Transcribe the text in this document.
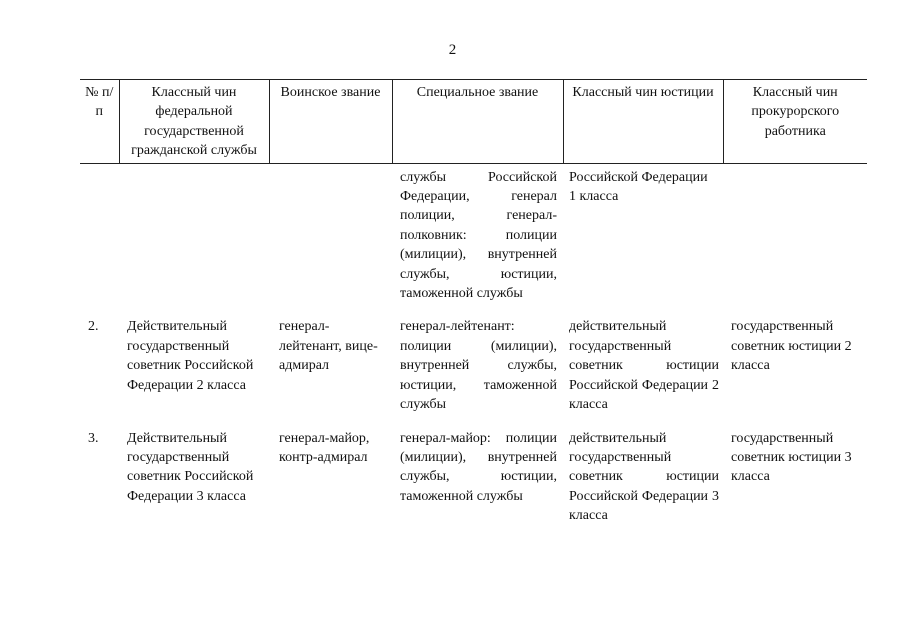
2
№ п/п	Классный чин федеральной государственной гражданской службы	Воинское звание	Специальное звание	Классный чин юстиции	Классный чин прокурорского работника
			службы Российской Федерации, генерал полиции, генерал-полковник: полиции (милиции), внутренней службы, юстиции, таможенной службы	Российской Федерации 1 класса	
2.	Действительный государственный советник Российской Федерации 2 класса	генерал-лейтенант, вице-адмирал	генерал-лейтенант: полиции (милиции), внутренней службы, юстиции, таможенной службы	действительный государственный советник юстиции Российской Федерации 2 класса	государственный советник юстиции 2 класса
3.	Действительный государственный советник Российской Федерации 3 класса	генерал-майор, контр-адмирал	генерал-майор: полиции (милиции), внутренней службы, юстиции, таможенной службы	действительный государственный советник юстиции Российской Федерации 3 класса	государственный советник юстиции 3 класса
